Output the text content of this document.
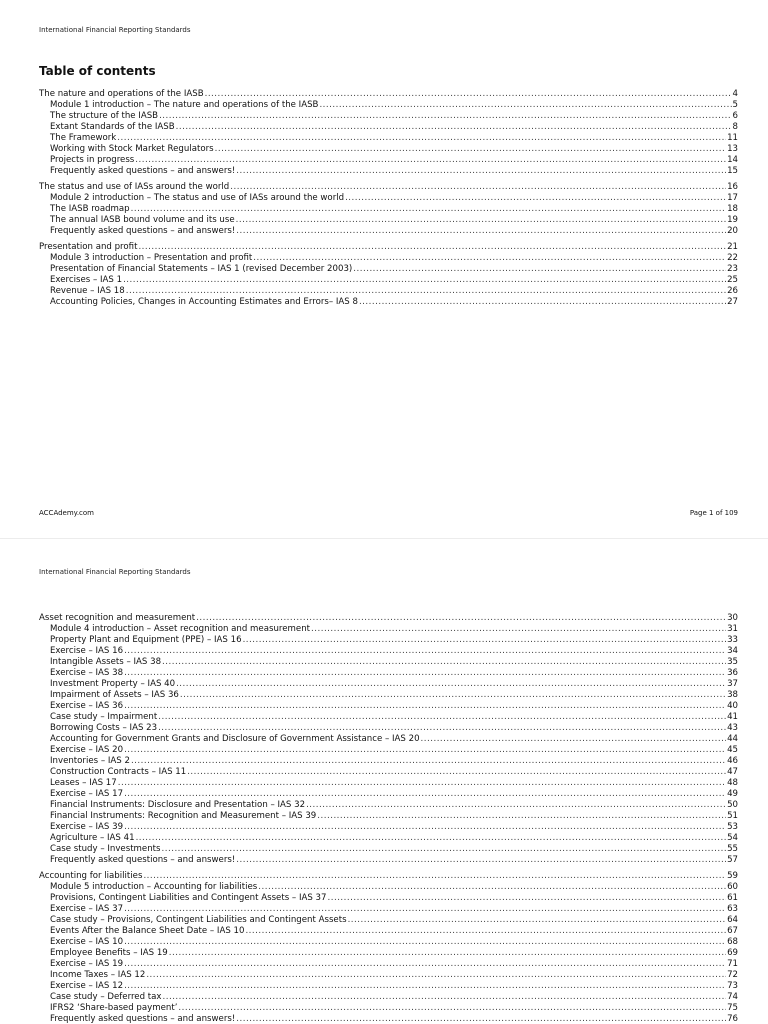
International Financial Reporting Standards
Table of contents
The nature and operations of the IASB .....	4
Module 1 introduction – The nature and operations of the IASB .....	5
The structure of the IASB .....	6
Extant Standards of the IASB .....	8
The Framework .....	11
Working with Stock Market Regulators .....	13
Projects in progress .....	14
Frequently asked questions – and answers! .....	15
The status and use of IASs around the world .....	16
Module 2 introduction – The status and use of IASs around the world .....	17
The IASB roadmap .....	18
The annual IASB bound volume and its use .....	19
Frequently asked questions – and answers! .....	20
Presentation and profit .....	21
Module 3 introduction – Presentation and profit .....	22
Presentation of Financial Statements – IAS 1 (revised December 2003) .....	23
Exercises – IAS 1 .....	25
Revenue – IAS 18 .....	26
Accounting Policies, Changes in Accounting Estimates and Errors– IAS 8 .....	27
ACCAdemy.com	Page 1 of 109
International Financial Reporting Standards
Asset recognition and measurement .....	30
Module 4 introduction – Asset recognition and measurement .....	31
Property Plant and Equipment (PPE) – IAS 16 .....	33
Exercise – IAS 16 .....	34
Intangible Assets – IAS 38 .....	35
Exercise – IAS 38 .....	36
Investment Property – IAS 40 .....	37
Impairment of Assets – IAS 36 .....	38
Exercise – IAS 36 .....	40
Case study – Impairment .....	41
Borrowing Costs – IAS 23 .....	43
Accounting for Government Grants and Disclosure of Government Assistance – IAS 20 .....	44
Exercise – IAS 20 .....	45
Inventories – IAS 2 .....	46
Construction Contracts – IAS 11 .....	47
Leases – IAS 17 .....	48
Exercise – IAS 17 .....	49
Financial Instruments: Disclosure and Presentation – IAS 32 .....	50
Financial Instruments: Recognition and Measurement – IAS 39 .....	51
Exercise – IAS 39 .....	53
Agriculture – IAS 41 .....	54
Case study – Investments .....	55
Frequently asked questions – and answers! .....	57
Accounting for liabilities .....	59
Module 5 introduction – Accounting for liabilities .....	60
Provisions, Contingent Liabilities and Contingent Assets – IAS 37 .....	61
Exercise – IAS 37 .....	63
Case study – Provisions, Contingent Liabilities and Contingent Assets .....	64
Events After the Balance Sheet Date – IAS 10 .....	67
Exercise – IAS 10 .....	68
Employee Benefits – IAS 19 .....	69
Exercise – IAS 19 .....	71
Income Taxes – IAS 12 .....	72
Exercise – IAS 12 .....	73
Case study – Deferred tax .....	74
IFRS2 ‘Share-based payment’ .....	75
Frequently asked questions – and answers! .....	76
